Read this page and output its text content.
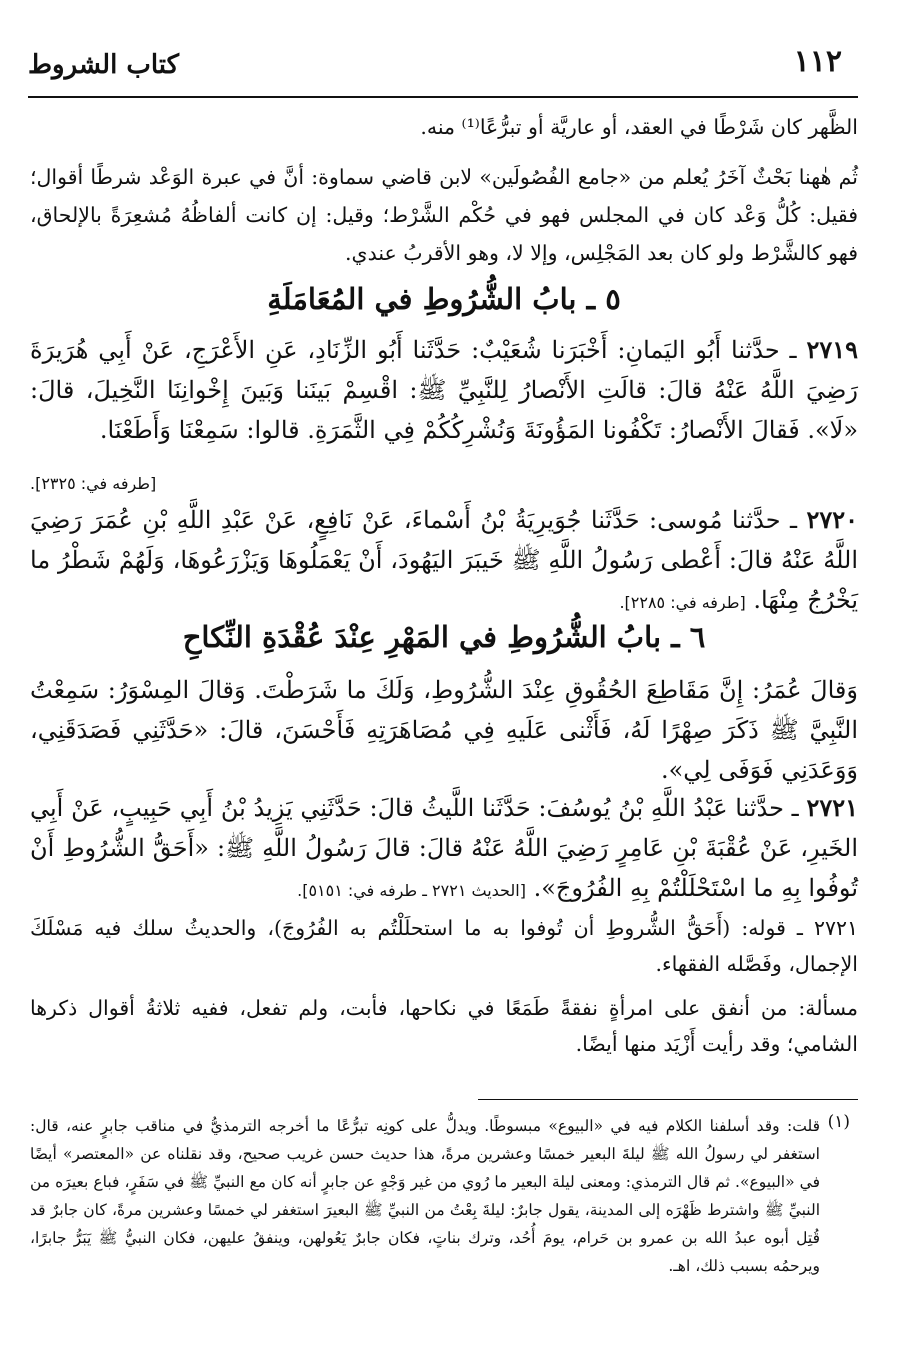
١١٢
كتاب الشروط
الظَّهر كان شَرْطًا في العقد، أو عاريَّة أو تبرُّعًا⁽¹⁾ منه.
ثُم هٰهنا بَحْثٌ آخَرُ يُعلم من «جامع الفُصُولَين» لابن قاضي سماوة: أنَّ في عبرة الوَعْد شرطًا أقوال؛ فقيل: كُلُّ وَعْد كان في المجلس فهو في حُكْم الشَّرْط؛ وقيل: إن كانت ألفاظُهُ مُشعِرَةً بالإلحاق، فهو كالشَّرْط ولو كان بعد المَجْلِس، وإلا لا، وهو الأقربُ عندي.
٥ ـ بابُ الشُّرُوطِ في المُعَامَلَةِ
٢٧١٩ ـ حدَّثنا أَبُو اليَمانِ: أَخْبَرَنا شُعَيْبٌ: حَدَّثَنا أَبُو الزِّنَادِ، عَنِ الأَعْرَجِ، عَنْ أَبِي هُرَيرَةَ رَضِيَ اللَّهُ عَنْهُ قالَ: قالَتِ الأَنْصارُ لِلنَّبِيِّ ﷺ: اقْسِمْ بَينَنا وَبَينَ إِخْوانِنَا النَّخِيلَ، قالَ: «لَا». فَقالَ الأَنْصارُ: تَكْفُونا المَؤُونَةَ وَنُشْرِكُكُمْ فِي الثَّمَرَةِ. قالوا: سَمِعْنَا وَأَطَعْنَا.
[طرفه في: ٢٣٢٥].
٢٧٢٠ ـ حدَّثنا مُوسى: حَدَّثَنا جُوَيرِيَةُ بْنُ أَسْماءَ، عَنْ نَافِعٍ، عَنْ عَبْدِ اللَّهِ بْنِ عُمَرَ رَضِيَ اللَّهُ عَنْهُ قالَ: أَعْطى رَسُولُ اللَّهِ ﷺ خَيبَرَ اليَهُودَ، أَنْ يَعْمَلُوهَا وَيَزْرَعُوهَا، وَلَهُمْ شَطْرُ ما يَخْرُجُ مِنْهَا. [طرفه في: ٢٢٨٥].
٦ ـ بابُ الشُّرُوطِ في المَهْرِ عِنْدَ عُقْدَةِ النِّكاحِ
وَقالَ عُمَرُ: إِنَّ مَقَاطِعَ الحُقُوقِ عِنْدَ الشُّرُوطِ، وَلَكَ ما شَرَطْتَ. وَقالَ المِسْوَرُ: سَمِعْتُ النَّبِيَّ ﷺ ذَكَرَ صِهْرًا لَهُ، فَأَثْنى عَلَيهِ فِي مُصَاهَرَتِهِ فَأَحْسَنَ، قالَ: «حَدَّثَنِي فَصَدَقَنِي، وَوَعَدَنِي فَوَفَى لِي».
٢٧٢١ ـ حدَّثنا عَبْدُ اللَّهِ بْنُ يُوسُفَ: حَدَّثَنا اللَّيثُ قالَ: حَدَّثَنِي يَزِيدُ بْنُ أَبِي حَبِيبٍ، عَنْ أَبِي الخَيرِ، عَنْ عُقْبَةَ بْنِ عَامِرٍ رَضِيَ اللَّهُ عَنْهُ قالَ: قالَ رَسُولُ اللَّهِ ﷺ: «أَحَقُّ الشُّرُوطِ أَنْ تُوفُوا بِهِ ما اسْتَحْلَلْتُمْ بِهِ الفُرُوجَ». [الحديث ٢٧٢١ ـ طرفه في: ٥١٥١].
٢٧٢١ ـ قوله: (أَحَقُّ الشُّروطِ أن تُوفوا به ما استحلَلْتُم به الفُرُوجَ)، والحديثُ سلك فيه مَسْلَكَ الإجمال، وفَصَّله الفقهاء.
مسألة: من أنفق على امرأةٍ نفقةً طَمَعًا في نكاحها، فأبت، ولم تفعل، ففيه ثلاثةُ أقوال ذكرها الشامي؛ وقد رأيت أَزْيَد منها أيضًا.
(١)
قلت: وقد أسلفنا الكلام فيه في «البيوع» مبسوطًا. ويدلُّ على كونِه تبرُّعًا ما أخرجه الترمذيُّ في مناقب جابرٍ عنه، قال: استغفر لي رسولُ الله ﷺ ليلةَ البعير خمسًا وعشرين مرةً، هذا حديث حسن غريب صحيح، وقد نقلناه عن «المعتصر» أيضًا في «البيوع». ثم قال الترمذي: ومعنى ليلة البعير ما رُوي من غير وَجْهٍ عن جابرٍ أنه كان مع النبيِّ ﷺ في سَفَرٍ، فباع بعيرَه من النبيِّ ﷺ واشترط ظَهْرَه إلى المدينة، يقول جابرٌ: ليلةَ بِعْتُ من النبيِّ ﷺ البعيرَ استغفر لي خمسًا وعشرين مرةً، كان جابرٌ قد قُتِل أبوه عبدُ الله بن عمرو بن حَرام، يومَ أُحُد، وترك بناتٍ، فكان جابرٌ يَعُولهن، وينفقُ عليهن، فكان النبيُّ ﷺ يَبَرُّ جابرًا، ويرحمُه بسبب ذلك، اهـ.
